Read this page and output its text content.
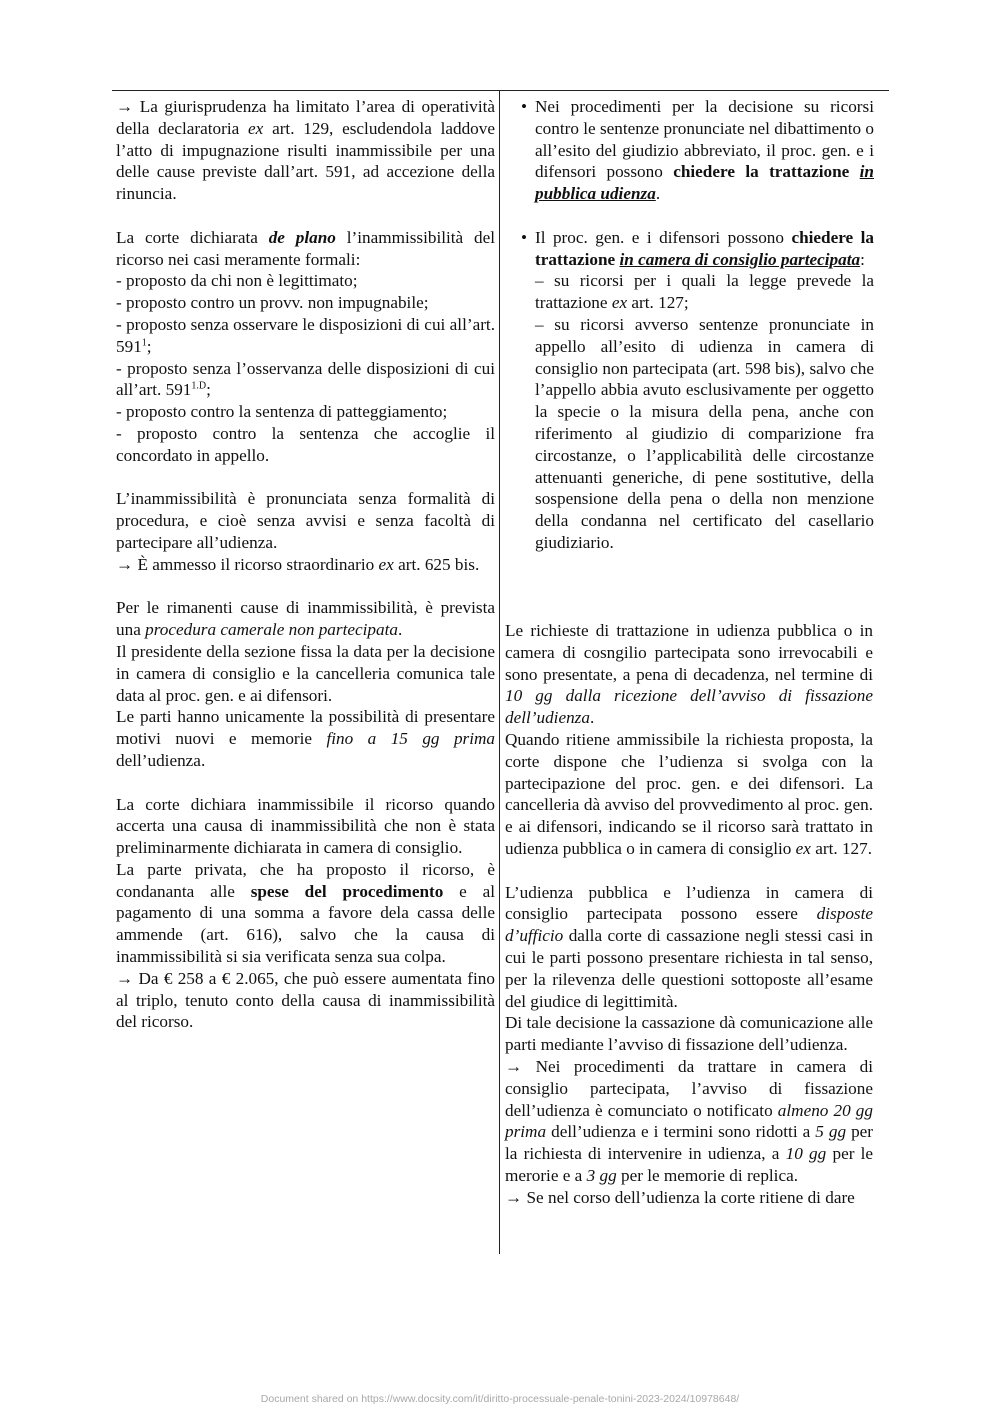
→ La giurisprudenza ha limitato l’area di operatività della declaratoria ex art. 129, escludendola laddove l’atto di impugnazione risulti inammissibile per una delle cause previste dall’art. 591, ad accezione della rinuncia.

La corte dichiarata de plano l’inammissibilità del ricorso nei casi meramente formali:

- proposto da chi non è legittimato;

- proposto contro un provv. non impugnabile;

- proposto senza osservare le disposizioni di cui all’art. $591^1$;

- proposto senza l’osservanza delle disposizioni di cui all’art. $591^{1.D}$;

- proposto contro la sentenza di patteggiamento;

- proposto contro la sentenza che accoglie il concordato in appello.

L’inammissibilità è pronunciata senza formalità di procedura, e cioè senza avvisi e senza facoltà di partecipare all’udienza.

→ È ammesso il ricorso straordinario ex art. 625 bis.

Per le rimanenti cause di inammissibilità, è prevista una procedura camerale non partecipata.

Il presidente della sezione fissa la data per la decisione in camera di consiglio e la cancelleria comunica tale data al proc. gen. e ai difensori.

Le parti hanno unicamente la possibilità di presentare motivi nuovi e memorie fino a 15 gg prima dell’udienza.

La corte dichiara inammissibile il ricorso quando accerta una causa di inammissibilità che non è stata preliminarmente dichiarata in camera di consiglio.

La parte privata, che ha proposto il ricorso, è condananta alle spese del procedimento e al pagamento di una somma a favore dela cassa delle ammende (art. 616), salvo che la causa di inammissibilità si sia verificata senza sua colpa.

→ Da € 258 a € 2.065, che può essere aumentata fino al triplo, tenuto conto della causa di inammissibilità del ricorso.

• Nei procedimenti per la decisione su ricorsi contro le sentenze pronunciate nel dibattimento o all’esito del giudizio abbreviato, il proc. gen. e i difensori possono chiedere la trattazione in pubblica udienza.

• Il proc. gen. e i difensori possono chiedere la trattazione in camera di consiglio partecipata:

– su ricorsi per i quali la legge prevede la trattazione ex art. 127;

– su ricorsi avverso sentenze pronunciate in appello all’esito di udienza in camera di consiglio non partecipata (art. 598 bis), salvo che l’appello abbia avuto esclusivamente per oggetto la specie o la misura della pena, anche con riferimento al giudizio di comparizione fra circostanze, o l’applicabilità delle circostanze attenuanti generiche, di pene sostitutive, della sospensione della pena o della non menzione della condanna nel certificato del casellario giudiziario.

Le richieste di trattazione in udienza pubblica o in camera di cosngilio partecipata sono irrevocabili e sono presentate, a pena di decadenza, nel termine di 10 gg dalla ricezione dell’avviso di fissazione dell’udienza.

Quando ritiene ammissibile la richiesta proposta, la corte dispone che l’udienza si svolga con la partecipazione del proc. gen. e dei difensori. La cancelleria dà avviso del provvedimento al proc. gen. e ai difensori, indicando se il ricorso sarà trattato in udienza pubblica o in camera di consiglio ex art. 127.

L’udienza pubblica e l’udienza in camera di consiglio partecipata possono essere disposte d’ufficio dalla corte di cassazione negli stessi casi in cui le parti possono presentare richiesta in tal senso, per la rilevenza delle questioni sottoposte all’esame del giudice di legittimità.

Di tale decisione la cassazione dà comunicazione alle parti mediante l’avviso di fissazione dell’udienza.

→ Nei procedimenti da trattare in camera di consiglio partecipata, l’avviso di fissazione dell’udienza è comunciato o notificato almeno 20 gg prima dell’udienza e i termini sono ridotti a 5 gg per la richiesta di intervenire in udienza, a 10 gg per le merorie e a 3 gg per le memorie di replica.

→ Se nel corso dell’udienza la corte ritiene di dare

Document shared on https://www.docsity.com/it/diritto-processuale-penale-tonini-2023-2024/10978648/
